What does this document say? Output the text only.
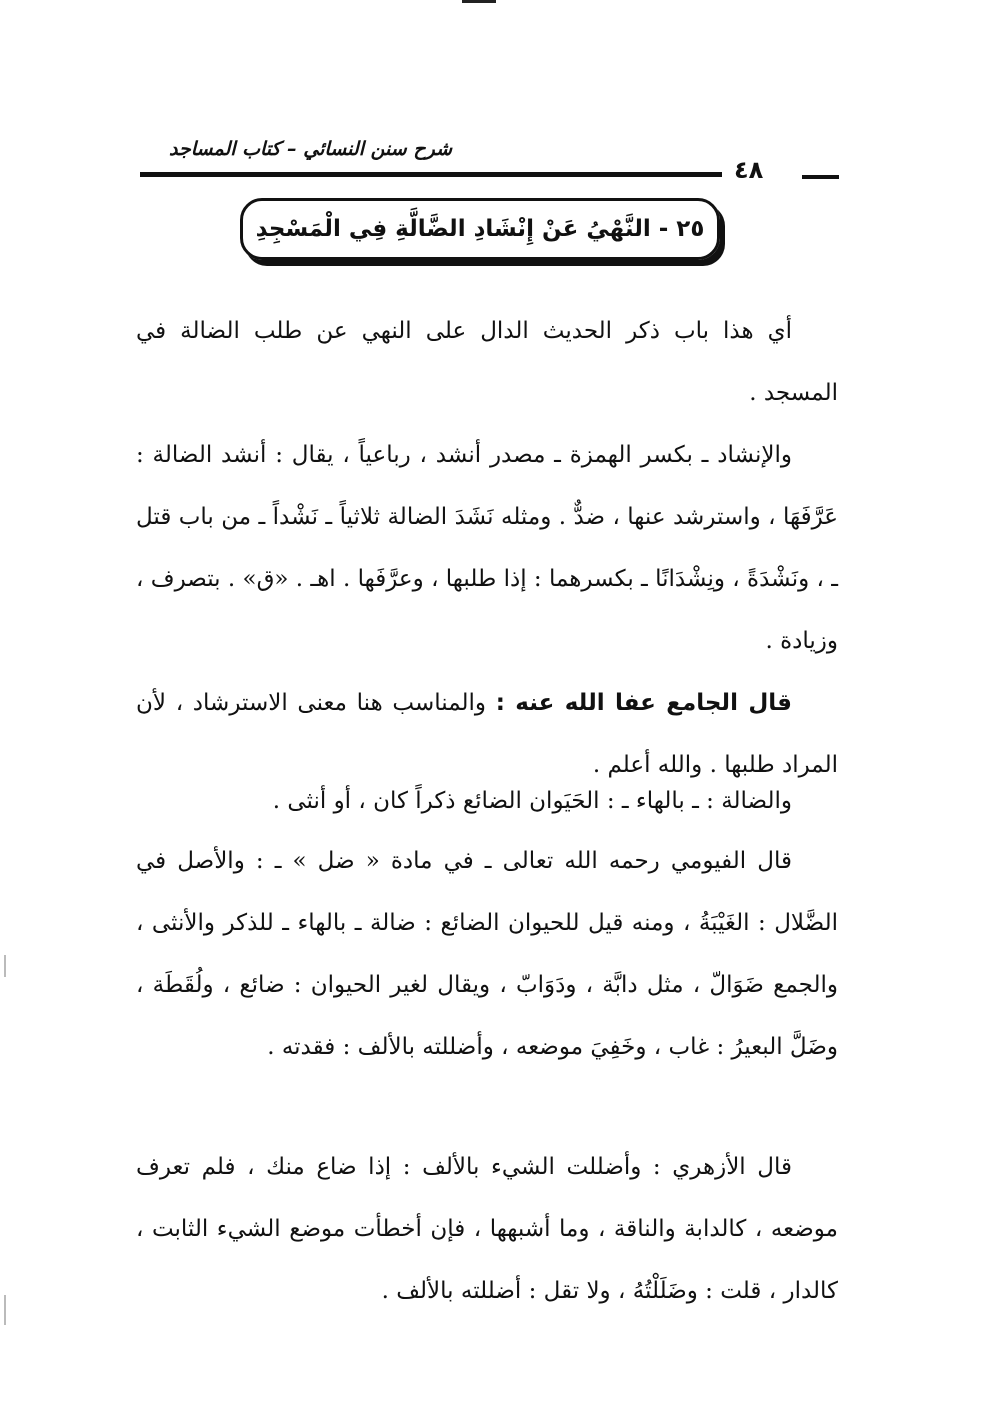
شرح سنن النسائي – كتاب المساجد
٤٨
٢٥ - النَّهْيُ عَنْ إِنْشَادِ الضَّالَّةِ فِي الْمَسْجِدِ

أي هذا باب ذكر الحديث الدال على النهي عن طلب الضالة في المسجد .

والإنشاد ـ بكسر الهمزة ـ مصدر أنشد ، رباعياً ، يقال : أنشد الضالة : عَرَّفَهَا ، واسترشد عنها ، ضدٌّ . ومثله نَشَدَ الضالة ثلاثياً ـ نَشْداً ـ من باب قتل ـ ، ونَشْدَةً ، ونِشْدَانًا ـ بكسرهما : إذا طلبها ، وعرَّفَها . اهـ . «ق» . بتصرف ، وزيادة .

قال الجامع عفا الله عنه : والمناسب هنا معنى الاسترشاد ، لأن المراد طلبها . والله أعلم .

والضالة : ـ بالهاء ـ : الحَيَوان الضائع ذكراً كان ، أو أنثى .

قال الفيومي رحمه الله تعالى ـ في مادة « ضل » ـ : والأصل في الضَّلال : الغَيْبَةُ ، ومنه قيل للحيوان الضائع : ضالة ـ بالهاء ـ للذكر والأنثى ، والجمع ضَوَالّ ، مثل دابَّة ، ودَوَابّ ، ويقال لغير الحيوان : ضائع ، ولُقَطَة ، وضَلَّ البعيرُ : غاب ، وخَفِيَ موضعه ، وأضللته بالألف : فقدته .

قال الأزهري : وأضللت الشيء بالألف : إذا ضاع منك ، فلم تعرف موضعه ، كالدابة والناقة ، وما أشبهها ، فإن أخطأت موضع الشيء الثابت ، كالدار ، قلت : وضَلَلْتُهُ ، ولا تقل : أضللته بالألف .
